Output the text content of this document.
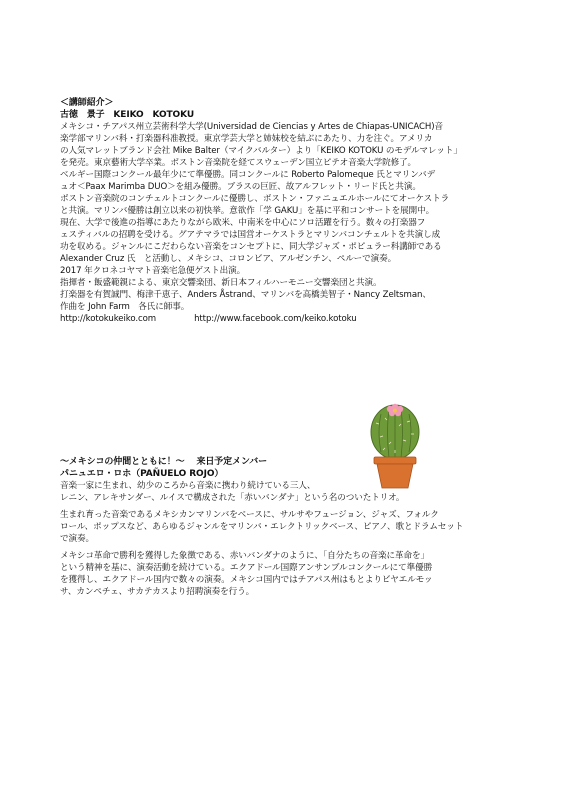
＜講師紹介＞
古徳　景子　KEIKO　KOTOKU
メキシコ・チアパス州立芸術科学大学(Universidad de Ciencias y Artes de Chiapas-UNICACH)音
楽学部マリンバ科・打楽器科准教授。東京学芸大学と姉妹校を結ぶにあたり、力を注ぐ。アメリカ
の人気マレットブランド会社 Mike Balter（マイクバルター）より「KEIKO KOTOKU のモデルマレット」
を発売。東京藝術大学卒業。ボストン音楽院を経てスウェーデン国立ピテオ音楽大学院修了。
ベルギー国際コンクール最年少にて準優勝。同コンクールに Roberto Palomeque 氏とマリンバデ
ュオ＜Paax Marimba DUO＞を組み優勝。ブラスの巨匠、故アルフレット・リード氏と共演。
ボストン音楽院のコンチェルトコンクールに優勝し、ボストン・ファニュエルホールにてオーケストラ
と共演。マリンバ優勝は創立以来の初快挙。意欲作「学 GAKU」を基に平和コンサートを展開中。
現在、大学で後進の指導にあたりながら欧米、中南米を中心にソロ活躍を行う。数々の打楽器フ
ェスティバルの招聘を受ける。グアテマラでは国営オーケストラとマリンバコンチェルトを共演し成
功を収める。ジャンルにこだわらない音楽をコンセプトに、同大学ジャズ・ポピュラー科講師である
Alexander Cruz 氏　と活動し、メキシコ、コロンビア、アルゼンチン、ペルーで演奏。
2017 年クロネコヤマト音楽宅急便ゲスト出演。
指揮者・飯盛範親による、東京交響楽団、新日本フィルハーモニー交響楽団と共演。
打楽器を有賀誠門、梅津千恵子、Anders Åstrand、マリンバを高橋美智子・Nancy Zeltsman、
作曲を John Farm　各氏に師事。
http://kotokukeiko.com	http://www.facebook.com/keiko.kotoku
～メキシコの仲間とともに！～　 来日予定メンバー
パニュエロ・ロホ（PAÑUELO ROJO）
音楽一家に生まれ、幼少のころから音楽に携わり続けている三人、
レニン、アレキサンダー、ルイスで構成された「赤いバンダナ」という名のついたトリオ。
生まれ育った音楽であるメキシカンマリンバをベースに、サルサやフュージョン、ジャズ、フォルク
ロール、ポップスなど、あらゆるジャンルをマリンバ・エレクトリックベース、ピアノ、歌とドラムセット
で演奏。
メキシコ革命で勝利を獲得した象徴である、赤いバンダナのように、「自分たちの音楽に革命を」
という精神を基に、演奏活動を続けている。エクアドール国際アンサンブルコンクールにて準優勝
を獲得し、エクアドール国内で数々の演奏。メキシコ国内ではチアパス州はもとよりビヤエルモッ
サ、カンペチェ、サカテカスより招聘演奏を行う。
